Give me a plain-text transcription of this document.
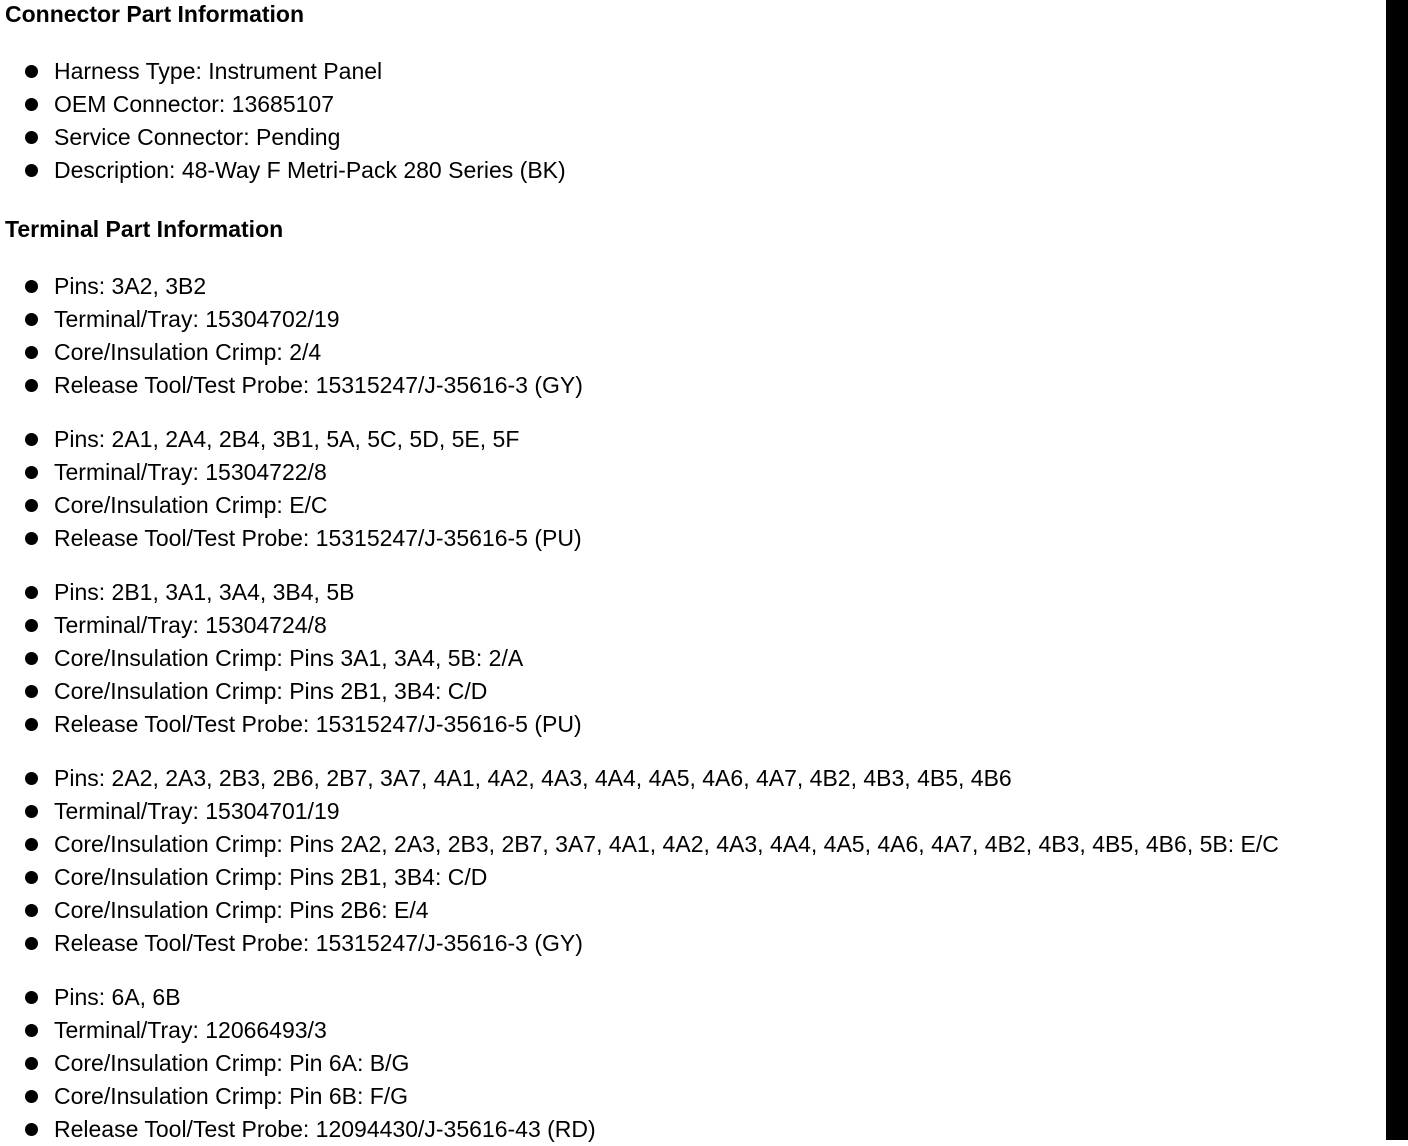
Connector Part Information
Harness Type: Instrument Panel
OEM Connector: 13685107
Service Connector: Pending
Description: 48-Way F Metri-Pack 280 Series (BK)
Terminal Part Information
Pins: 3A2, 3B2
Terminal/Tray: 15304702/19
Core/Insulation Crimp: 2/4
Release Tool/Test Probe: 15315247/J-35616-3 (GY)
Pins: 2A1, 2A4, 2B4, 3B1, 5A, 5C, 5D, 5E, 5F
Terminal/Tray: 15304722/8
Core/Insulation Crimp: E/C
Release Tool/Test Probe: 15315247/J-35616-5 (PU)
Pins: 2B1, 3A1, 3A4, 3B4, 5B
Terminal/Tray: 15304724/8
Core/Insulation Crimp: Pins 3A1, 3A4, 5B: 2/A
Core/Insulation Crimp: Pins 2B1, 3B4: C/D
Release Tool/Test Probe: 15315247/J-35616-5 (PU)
Pins: 2A2, 2A3, 2B3, 2B6, 2B7, 3A7, 4A1, 4A2, 4A3, 4A4, 4A5, 4A6, 4A7, 4B2, 4B3, 4B5, 4B6
Terminal/Tray: 15304701/19
Core/Insulation Crimp: Pins 2A2, 2A3, 2B3, 2B7, 3A7, 4A1, 4A2, 4A3, 4A4, 4A5, 4A6, 4A7, 4B2, 4B3, 4B5, 4B6, 5B: E/C
Core/Insulation Crimp: Pins 2B1, 3B4: C/D
Core/Insulation Crimp: Pins 2B6: E/4
Release Tool/Test Probe: 15315247/J-35616-3 (GY)
Pins: 6A, 6B
Terminal/Tray: 12066493/3
Core/Insulation Crimp: Pin 6A: B/G
Core/Insulation Crimp: Pin 6B: F/G
Release Tool/Test Probe: 12094430/J-35616-43 (RD)
